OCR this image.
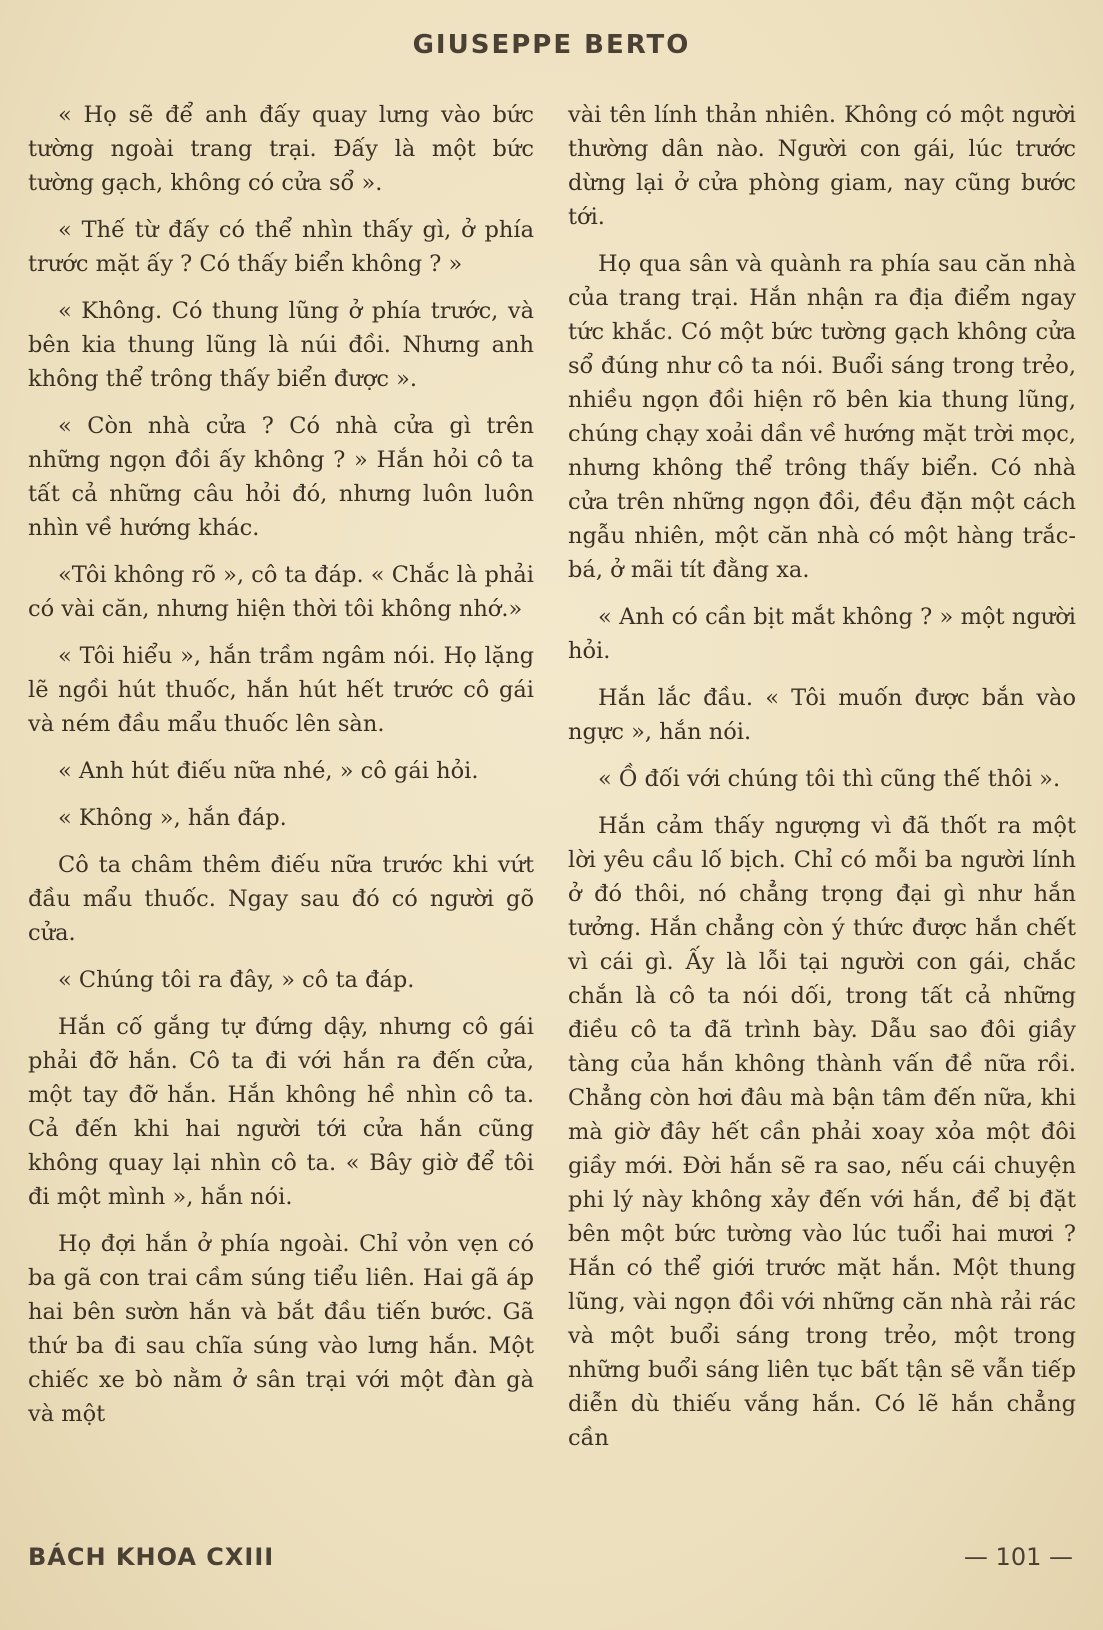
GIUSEPPE BERTO

« Họ sẽ để anh đấy quay lưng vào bức tường ngoài trang trại. Đấy là một bức tường gạch, không có cửa sổ ».

« Thế từ đấy có thể nhìn thấy gì, ở phía trước mặt ấy ? Có thấy biển không ? »

« Không. Có thung lũng ở phía trước, và bên kia thung lũng là núi đồi. Nhưng anh không thể trông thấy biển được ».

« Còn nhà cửa ? Có nhà cửa gì trên những ngọn đồi ấy không ? » Hắn hỏi cô ta tất cả những câu hỏi đó, nhưng luôn luôn nhìn về hướng khác.

«Tôi không rõ », cô ta đáp. « Chắc là phải có vài căn, nhưng hiện thời tôi không nhớ.»

« Tôi hiểu », hắn trầm ngâm nói. Họ lặng lẽ ngồi hút thuốc, hắn hút hết trước cô gái và ném đầu mẩu thuốc lên sàn.

« Anh hút điếu nữa nhé, » cô gái hỏi.

« Không », hắn đáp.

Cô ta châm thêm điếu nữa trước khi vứt đầu mẩu thuốc. Ngay sau đó có người gõ cửa.

« Chúng tôi ra đây, » cô ta đáp.

Hắn cố gắng tự đứng dậy, nhưng cô gái phải đỡ hắn. Cô ta đi với hắn ra đến cửa, một tay đỡ hắn. Hắn không hề nhìn cô ta. Cả đến khi hai người tới cửa hắn cũng không quay lại nhìn cô ta. « Bây giờ để tôi đi một mình », hắn nói.

Họ đợi hắn ở phía ngoài. Chỉ vỏn vẹn có ba gã con trai cầm súng tiểu liên. Hai gã áp hai bên sườn hắn và bắt đầu tiến bước. Gã thứ ba đi sau chĩa súng vào lưng hắn. Một chiếc xe bò nằm ở sân trại với một đàn gà và một

vài tên lính thản nhiên. Không có một người thường dân nào. Người con gái, lúc trước dừng lại ở cửa phòng giam, nay cũng bước tới.

Họ qua sân và quành ra phía sau căn nhà của trang trại. Hắn nhận ra địa điểm ngay tức khắc. Có một bức tường gạch không cửa sổ đúng như cô ta nói. Buổi sáng trong trẻo, nhiều ngọn đồi hiện rõ bên kia thung lũng, chúng chạy xoải dần về hướng mặt trời mọc, nhưng không thể trông thấy biển. Có nhà cửa trên những ngọn đồi, đều đặn một cách ngẫu nhiên, một căn nhà có một hàng trắc-bá, ở mãi tít đằng xa.

« Anh có cần bịt mắt không ? » một người hỏi.

Hắn lắc đầu. « Tôi muốn được bắn vào ngực », hắn nói.

« Ồ đối với chúng tôi thì cũng thế thôi ».

Hắn cảm thấy ngượng vì đã thốt ra một lời yêu cầu lố bịch. Chỉ có mỗi ba người lính ở đó thôi, nó chẳng trọng đại gì như hắn tưởng. Hắn chẳng còn ý thức được hắn chết vì cái gì. Ấy là lỗi tại người con gái, chắc chắn là cô ta nói dối, trong tất cả những điều cô ta đã trình bày. Dẫu sao đôi giầy tàng của hắn không thành vấn đề nữa rồi. Chẳng còn hơi đâu mà bận tâm đến nữa, khi mà giờ đây hết cần phải xoay xỏa một đôi giầy mới. Đời hắn sẽ ra sao, nếu cái chuyện phi lý này không xảy đến với hắn, để bị đặt bên một bức tường vào lúc tuổi hai mươi ? Hắn có thể giới trước mặt hắn. Một thung lũng, vài ngọn đồi với những căn nhà rải rác và một buổi sáng trong trẻo, một trong những buổi sáng liên tục bất tận sẽ vẫn tiếp diễn dù thiếu vắng hắn. Có lẽ hắn chẳng cần

BÁCH KHOA CXIII	— 101 —
